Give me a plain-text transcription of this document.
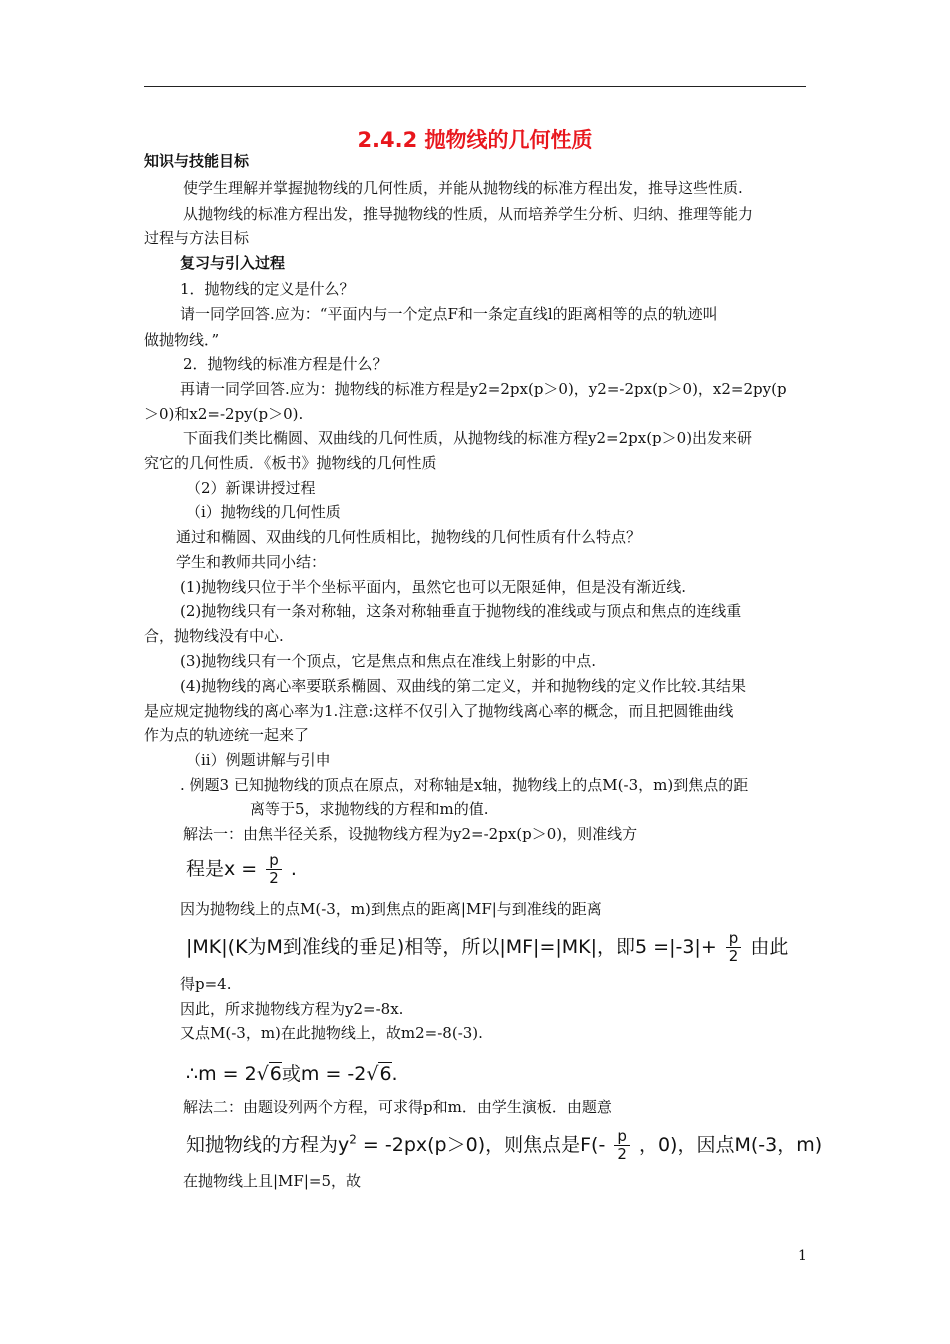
2.4.2 抛物线的几何性质
知识与技能目标
使学生理解并掌握抛物线的几何性质，并能从抛物线的标准方程出发，推导这些性质.
从抛物线的标准方程出发，推导抛物线的性质，从而培养学生分析、归纳、推理等能力
过程与方法目标
复习与引入过程
1．抛物线的定义是什么？
请一同学回答.应为：“平面内与一个定点F和一条定直线l的距离相等的点的轨迹叫
做抛物线．”
2．抛物线的标准方程是什么？
再请一同学回答.应为：抛物线的标准方程是y2=2px(p＞0)，y2=-2px(p＞0)，x2=2py(p
＞0)和x2=-2py(p＞0).
下面我们类比椭圆、双曲线的几何性质，从抛物线的标准方程y2=2px(p＞0)出发来研
究它的几何性质．《板书》抛物线的几何性质
（2）新课讲授过程
（i）抛物线的几何性质
通过和椭圆、双曲线的几何性质相比，抛物线的几何性质有什么特点？
学生和教师共同小结：
(1)抛物线只位于半个坐标平面内，虽然它也可以无限延伸，但是没有渐近线.
(2)抛物线只有一条对称轴，这条对称轴垂直于抛物线的准线或与顶点和焦点的连线重
合，抛物线没有中心.
(3)抛物线只有一个顶点，它是焦点和焦点在准线上射影的中点.
(4)抛物线的离心率要联系椭圆、双曲线的第二定义，并和抛物线的定义作比较.其结果
是应规定抛物线的离心率为1.注意:这样不仅引入了抛物线离心率的概念，而且把圆锥曲线
作为点的轨迹统一起来了
（ii）例题讲解与引申
. 例题3 已知抛物线的顶点在原点，对称轴是x轴，抛物线上的点M(-3，m)到焦点的距
离等于5，求抛物线的方程和m的值.
解法一：由焦半径关系，设抛物线方程为y2=-2px(p＞0)，则准线方
程是$x = \frac{p}{2}$ .
因为抛物线上的点M(-3，m)到焦点的距离|MF|与到准线的距离
|MK|(K为M到准线的垂足)相等，所以|MF|=|MK|，即$5 =|-3|+ \frac{p}{2}$ 由此
得p=4.
因此，所求抛物线方程为y2=-8x.
又点M(-3，m)在此抛物线上，故m2=-8(-3).
∴m = 2√6或m = -2√6.
解法二：由题设列两个方程，可求得p和m．由学生演板．由题意
知抛物线的方程为$y^2 = -2px(p>0)$，则焦点是$F(- \frac{p}{2}$ ，0)，因点M(-3，m)
在抛物线上且|MF|=5，故
1
